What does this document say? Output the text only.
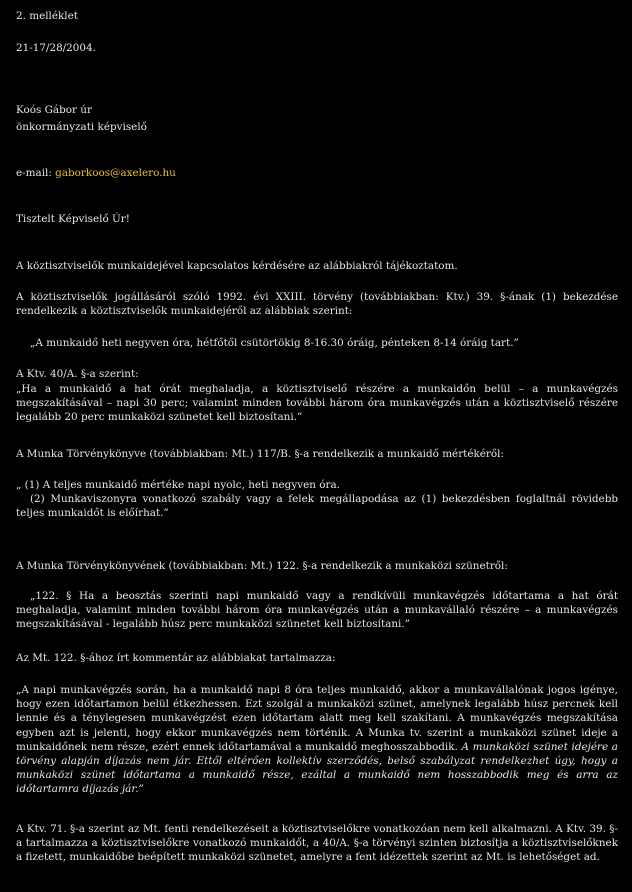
2. melléklet
21-17/28/2004.
Koós Gábor úr
önkormányzati képviselő
e-mail: gaborkoos@axelero.hu
Tisztelt Képviselő Úr!
A köztisztviselők munkaidejével kapcsolatos kérdésére az alábbiakról tájékoztatom.
A köztisztviselők jogállásáról szóló 1992. évi XXIII. törvény (továbbiakban: Ktv.) 39. §-ának (1) bekezdése rendelkezik a köztisztviselők munkaidejéről az alábbiak szerint:
„A munkaidő heti negyven óra, hétfőtől csütörtökig 8-16.30 óráig, pénteken 8-14 óráig tart.”
A Ktv. 40/A. §-a szerint:
„Ha a munkaidő a hat órát meghaladja, a köztisztviselő részére a munkaidőn belül – a munkavégzés megszakításával – napi 30 perc; valamint minden további három óra munkavégzés után a köztisztviselő részére legalább 20 perc munkaközi szünetet kell biztosítani.”
A Munka Törvénykönyve (továbbiakban: Mt.) 117/B. §-a rendelkezik a munkaidő mértékéről:
„ (1) A teljes munkaidő mértéke napi nyolc, heti negyven óra.
(2) Munkaviszonyra vonatkozó szabály vagy a felek megállapodása az (1) bekezdésben foglaltnál rövidebb teljes munkaidőt is előírhat.”
A Munka Törvénykönyvének (továbbiakban: Mt.) 122. §-a rendelkezik a munkaközi szünetről:
„122. § Ha a beosztás szerinti napi munkaidő vagy a rendkívüli munkavégzés időtartama a hat órát meghaladja, valamint minden további három óra munkavégzés után a munkavállaló részére – a munkavégzés megszakításával - legalább húsz perc munkaközi szünetet kell biztosítani.”
Az Mt. 122. §-ához írt kommentár az alábbiakat tartalmazza:
„A napi munkavégzés során, ha a munkaidő napi 8 óra teljes munkaidő, akkor a munkavállalónak jogos igénye, hogy ezen időtartamon belül étkezhessen. Ezt szolgál a munkaközi szünet, amelynek legalább húsz percnek kell lennie és a ténylegesen munkavégzést ezen időtartam alatt meg kell szakítani. A munkavégzés megszakítása egyben azt is jelenti, hogy ekkor munkavégzés nem történik. A Munka tv. szerint a munkaközi szünet ideje a munkaidőnek nem része, ezért ennek időtartamával a munkaidő meghosszabbodik. A munkaközi szünet idejére a törvény alapján díjazás nem jár. Ettől eltérően kollektív szerződés, belső szabályzat rendelkezhet úgy, hogy a munkaközi szünet időtartama a munkaidő része, ezáltal a munkaidő nem hosszabbodik meg és arra az időtartamra díjazás jár.”
A Ktv. 71. §-a szerint az Mt. fenti rendelkezéseit a köztisztviselőkre vonatkozóan nem kell alkalmazni. A Ktv. 39. §-a tartalmazza a köztisztviselőkre vonatkozó munkaidőt, a 40/A. §-a törvényi szinten biztosítja a köztisztviselőknek a fizetett, munkaidőbe beépített munkaközi szünetet, amelyre a fent idézettek szerint az Mt. is lehetőséget ad.
